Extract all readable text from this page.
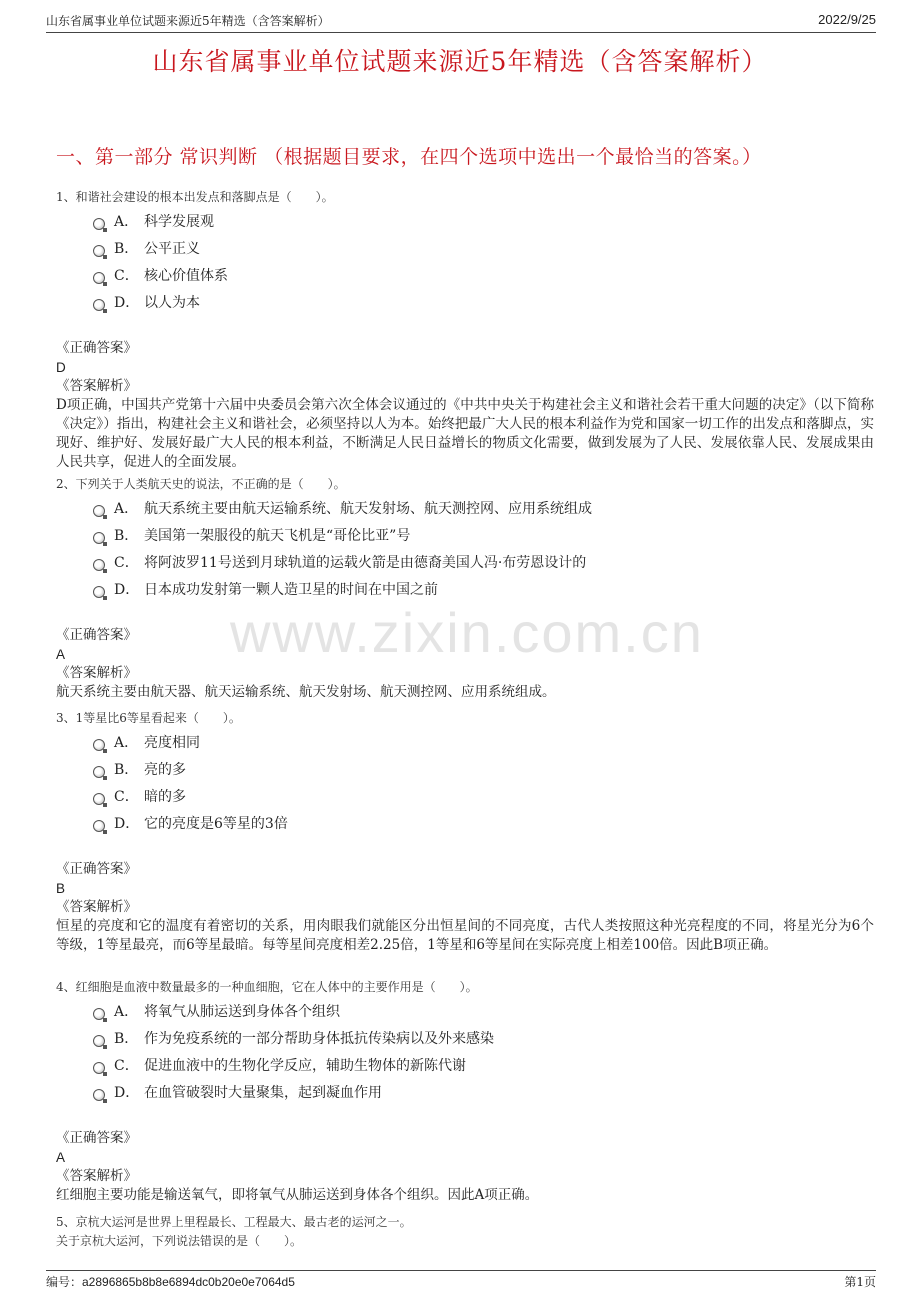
山东省属事业单位试题来源近5年精选（含答案解析）	2022/9/25
山东省属事业单位试题来源近5年精选（含答案解析）
一、第一部分 常识判断 （根据题目要求，在四个选项中选出一个最恰当的答案。）
www.zixin.com.cn
1、和谐社会建设的根本出发点和落脚点是（　　）。
A． 科学发展观
B． 公平正义
C． 核心价值体系
D． 以人为本
《正确答案》
D
《答案解析》
D项正确，中国共产党第十六届中央委员会第六次全体会议通过的《中共中央关于构建社会主义和谐社会若干重大问题的决定》（以下简称《决定》）指出，构建社会主义和谐社会，必须坚持以人为本。始终把最广大人民的根本利益作为党和国家一切工作的出发点和落脚点，实现好、维护好、发展好最广大人民的根本利益，不断满足人民日益增长的物质文化需要，做到发展为了人民、发展依靠人民、发展成果由人民共享，促进人的全面发展。
2、下列关于人类航天史的说法，不正确的是（　　）。
A． 航天系统主要由航天运输系统、航天发射场、航天测控网、应用系统组成
B． 美国第一架服役的航天飞机是“哥伦比亚”号
C． 将阿波罗11号送到月球轨道的运载火箭是由德裔美国人冯·布劳恩设计的
D． 日本成功发射第一颗人造卫星的时间在中国之前
《正确答案》
A
《答案解析》
航天系统主要由航天器、航天运输系统、航天发射场、航天测控网、应用系统组成。
3、1等星比6等星看起来（　　）。
A． 亮度相同
B． 亮的多
C． 暗的多
D． 它的亮度是6等星的3倍
《正确答案》
B
《答案解析》
恒星的亮度和它的温度有着密切的关系，用肉眼我们就能区分出恒星间的不同亮度，古代人类按照这种光亮程度的不同，将星光分为6个等级，1等星最亮，而6等星最暗。每等星间亮度相差2.25倍，1等星和6等星间在实际亮度上相差100倍。因此B项正确。
4、红细胞是血液中数量最多的一种血细胞，它在人体中的主要作用是（　　）。
A． 将氧气从肺运送到身体各个组织
B． 作为免疫系统的一部分帮助身体抵抗传染病以及外来感染
C． 促进血液中的生物化学反应，辅助生物体的新陈代谢
D． 在血管破裂时大量聚集，起到凝血作用
《正确答案》
A
《答案解析》
红细胞主要功能是输送氧气，即将氧气从肺运送到身体各个组织。因此A项正确。
5、京杭大运河是世界上里程最长、工程最大、最古老的运河之一。
关于京杭大运河，下列说法错误的是（　　）。
编号：a2896865b8b8e6894dc0b20e0e7064d5	第1页
